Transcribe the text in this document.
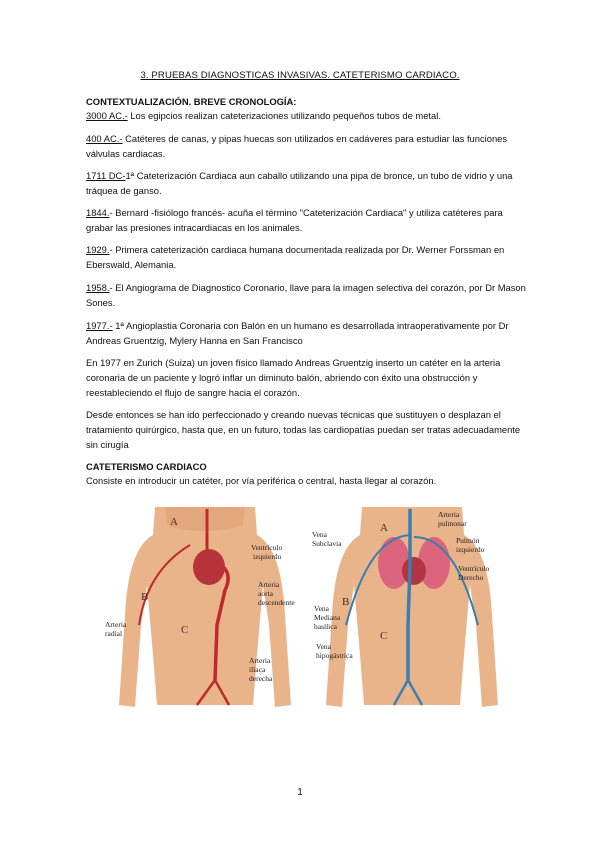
3. PRUEBAS DIAGNOSTICAS INVASIVAS. CATETERISMO CARDIACO.
CONTEXTUALIZACIÓN. BREVE CRONOLOGÍA:
3000 AC.- Los egipcios realizan cateterizaciones utilizando pequeños tubos de metal.
400 AC.- Catéteres de canas, y pipas huecas son utilizados en cadáveres para estudiar las funciones válvulas cardiacas.
1711 DC-1ª Cateterización Cardiaca aun caballo utilizando una pipa de bronce, un tubo de vidrio y una tráquea de ganso.
1844.- Bernard -fisiólogo francés- acuña el término "Cateterización Cardiaca" y utiliza catéteres para grabar las presiones intracardiacas en los animales.
1929.- Primera cateterización cardiaca humana documentada realizada por Dr. Werner Forssman en Eberswald, Alemania.
1958.- El Angiograma de Diagnostico Coronario, llave para la imagen selectiva del corazón, por Dr Mason Sones.
1977.- 1ª Angioplastia Coronaria con Balón en un humano es desarrollada intraoperativamente por Dr Andreas Gruentzig, Mylery Hanna en San Francisco
En 1977 en Zurich (Suiza) un joven físico llamado Andreas Gruentzig inserto un catéter en la arteria coronaria de un paciente y logró inflar un diminuto balón, abriendo con éxito una obstrucción y reestableciendo el flujo de sangre hacia el corazón.
Desde entonces se han ido perfeccionado y creando nuevas técnicas que sustituyen o desplazan el tratamiento quirúrgico, hasta que, en un futuro, todas las cardiopatías puedan ser tratas adecuadamente sin cirugía
CATETERISMO CARDIACO
Consiste en introducir un catéter, por vía periférica o central, hasta llegar al corazón.
A
B
C
Ventrículo
izquierdo
Arteria
aorta
descendente
Arteria
radial
Arteria
ilíaca
derecha
A
B
C
Arteria
pulmonar
Vena
Subclavia	Pulmón
izquierdo
Ventrículo
Derecho
Vena
Mediana
basílica
Vena
hipogástrica
1
